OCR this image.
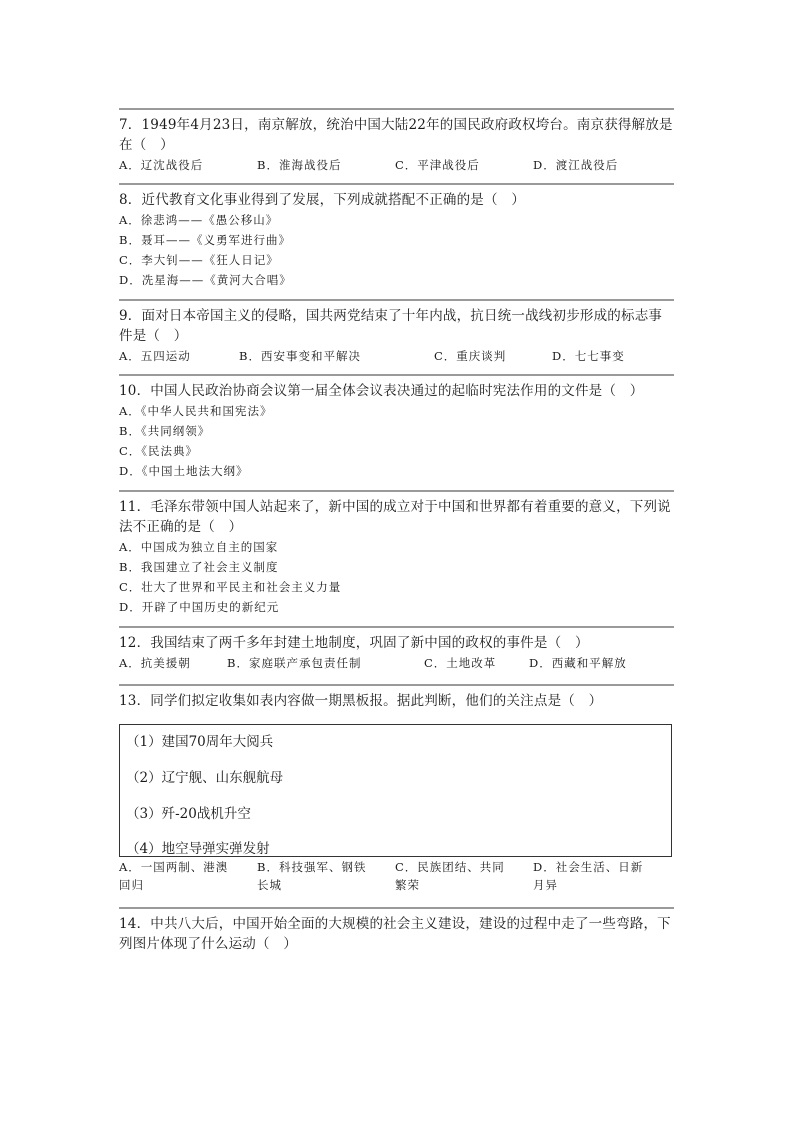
7．1949年4月23日，南京解放，统治中国大陆22年的国民政府政权垮台。南京获得解放是在（　）
A．辽沈战役后	B．淮海战役后	C．平津战役后	D．渡江战役后
8．近代教育文化事业得到了发展，下列成就搭配不正确的是（　）
A．徐悲鸿——《愚公移山》
B．聂耳——《义勇军进行曲》
C．李大钊——《狂人日记》
D．冼星海——《黄河大合唱》
9．面对日本帝国主义的侵略，国共两党结束了十年内战，抗日统一战线初步形成的标志事件是（　）
A．五四运动	B．西安事变和平解决	C．重庆谈判	D．七七事变
10．中国人民政治协商会议第一届全体会议表决通过的起临时宪法作用的文件是（　）
A．《中华人民共和国宪法》
B．《共同纲领》
C．《民法典》
D．《中国土地法大纲》
11．毛泽东带领中国人站起来了，新中国的成立对于中国和世界都有着重要的意义，下列说法不正确的是（　）
A．中国成为独立自主的国家
B．我国建立了社会主义制度
C．壮大了世界和平民主和社会主义力量
D．开辟了中国历史的新纪元
12．我国结束了两千多年封建土地制度，巩固了新中国的政权的事件是（　）
A．抗美援朝	B．家庭联产承包责任制	C．土地改革	D．西藏和平解放
13．同学们拟定收集如表内容做一期黑板报。据此判断，他们的关注点是（　）
（1）建国70周年大阅兵
（2）辽宁舰、山东舰航母
（3）歼-20战机升空
（4）地空导弹实弹发射
A．一国两制、港澳
回归
B．科技强军、钢铁
长城
C．民族团结、共同
繁荣
D．社会生活、日新
月异
14．中共八大后，中国开始全面的大规模的社会主义建设，建设的过程中走了一些弯路，下列图片体现了什么运动（　）
